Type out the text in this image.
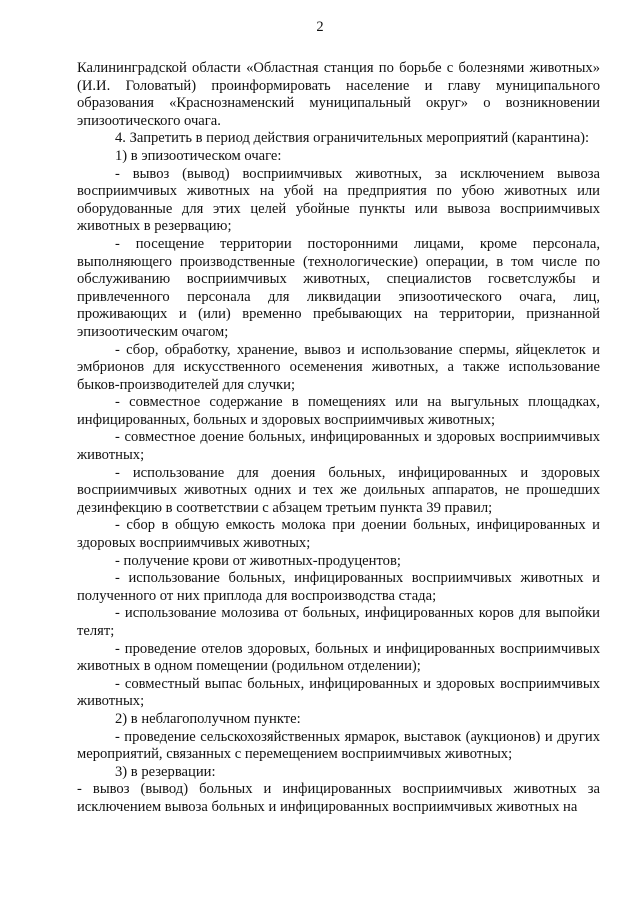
2

Калининградской области «Областная станция по борьбе с болезнями животных» (И.И. Головатый) проинформировать население и главу муниципального образования «Краснознаменский муниципальный округ» о возникновении эпизоотического очага.

4. Запретить в период действия ограничительных мероприятий (карантина):

1) в эпизоотическом очаге:

- вывоз (вывод) восприимчивых животных, за исключением вывоза восприимчивых животных на убой на предприятия по убою животных или оборудованные для этих целей убойные пункты или вывоза восприимчивых животных в резервацию;

- посещение территории посторонними лицами, кроме персонала, выполняющего производственные (технологические) операции, в том числе по обслуживанию восприимчивых животных, специалистов госветслужбы и привлеченного персонала для ликвидации эпизоотического очага, лиц, проживающих и (или) временно пребывающих на территории, признанной эпизоотическим очагом;

- сбор, обработку, хранение, вывоз и использование спермы, яйцеклеток и эмбрионов для искусственного осеменения животных, а также использование быков-производителей для случки;

- совместное содержание в помещениях или на выгульных площадках, инфицированных, больных и здоровых восприимчивых животных;

- совместное доение больных, инфицированных и здоровых восприимчивых животных;

- использование для доения больных, инфицированных и здоровых восприимчивых животных одних и тех же доильных аппаратов, не прошедших дезинфекцию в соответствии с абзацем третьим пункта 39 правил;

- сбор в общую емкость молока при доении больных, инфицированных и здоровых восприимчивых животных;

- получение крови от животных-продуцентов;

- использование больных, инфицированных восприимчивых животных и полученного от них приплода для воспроизводства стада;

- использование молозива от больных, инфицированных коров для выпойки телят;

- проведение отелов здоровых, больных и инфицированных восприимчивых животных в одном помещении (родильном отделении);

- совместный выпас больных, инфицированных и здоровых восприимчивых животных;

2) в неблагополучном пункте:

- проведение сельскохозяйственных ярмарок, выставок (аукционов) и других мероприятий, связанных с перемещением восприимчивых животных;

3) в резервации:

- вывоз (вывод) больных и инфицированных восприимчивых животных за исключением вывоза больных и инфицированных восприимчивых животных на
